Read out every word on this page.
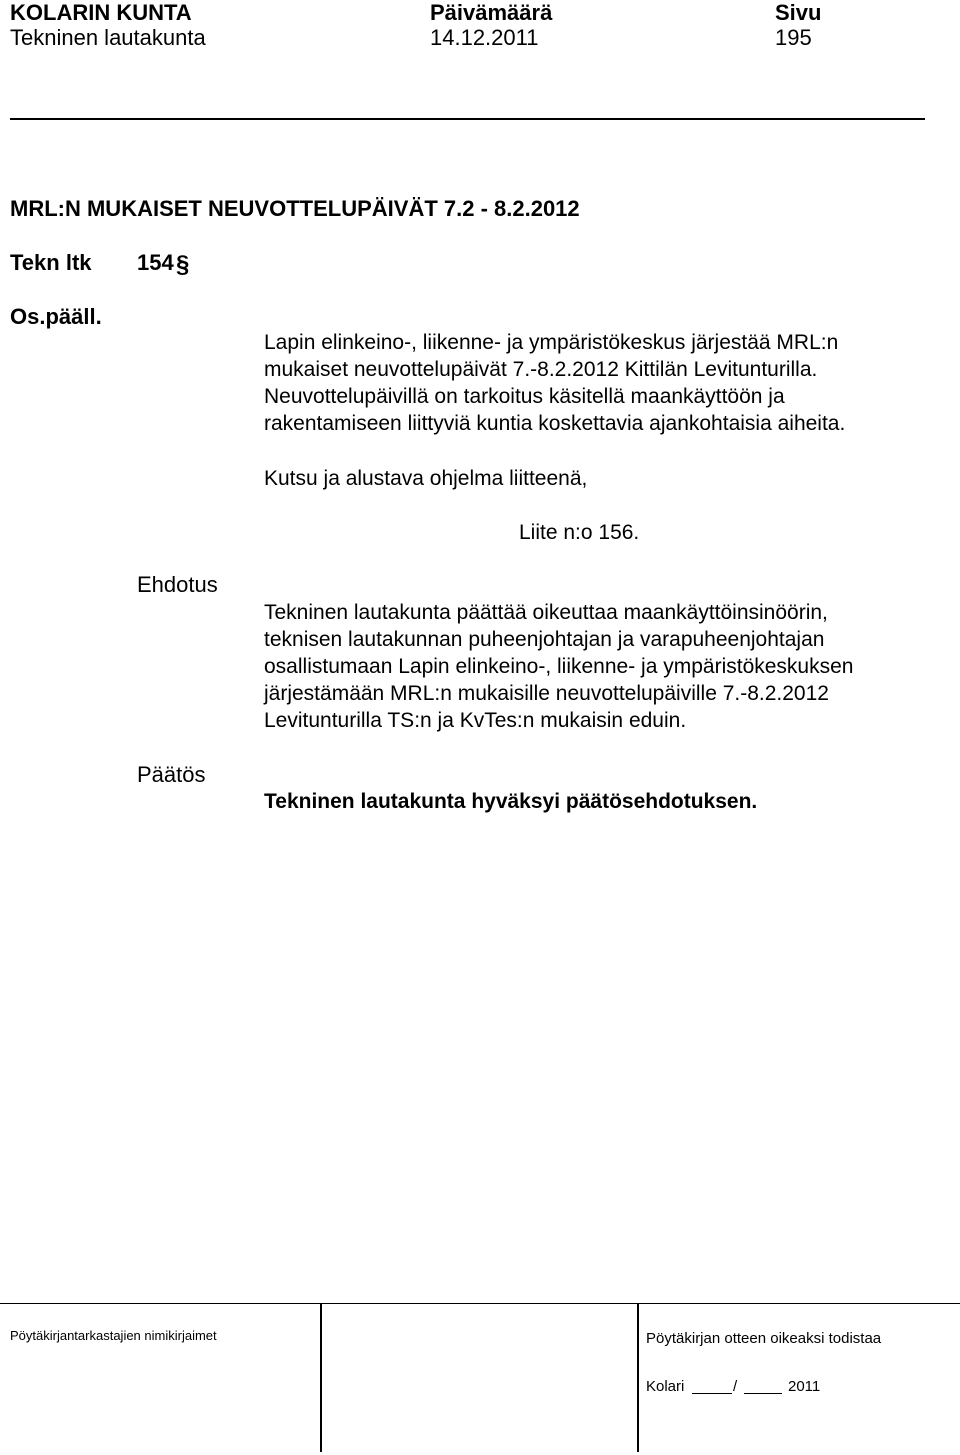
KOLARIN KUNTA	Päivämäärä	Sivu
Tekninen lautakunta	14.12.2011	195
MRL:N MUKAISET NEUVOTTELUPÄIVÄT 7.2 - 8.2.2012
Tekn ltk 154 §
Os.pääll.
Lapin elinkeino-, liikenne- ja ympäristökeskus järjestää MRL:n
mukaiset neuvottelupäivät 7.-8.2.2012 Kittilän Levitunturilla.
Neuvottelupäivillä on tarkoitus käsitellä maankäyttöön ja
rakentamiseen liittyviä kuntia koskettavia ajankohtaisia aiheita.
Kutsu ja alustava ohjelma liitteenä,
Liite n:o 156.
Ehdotus
Tekninen lautakunta päättää oikeuttaa maankäyttöinsinöörin,
teknisen lautakunnan puheenjohtajan ja varapuheenjohtajan
osallistumaan Lapin elinkeino-, liikenne- ja ympäristökeskuksen
järjestämään MRL:n mukaisille neuvottelupäiville 7.-8.2.2012
Levitunturilla TS:n ja KvTes:n mukaisin eduin.
Päätös
Tekninen lautakunta hyväksyi päätösehdotuksen.
Pöytäkirjantarkastajien nimikirjaimet	Pöytäkirjan otteen oikeaksi todistaa
Kolari	/	2011
